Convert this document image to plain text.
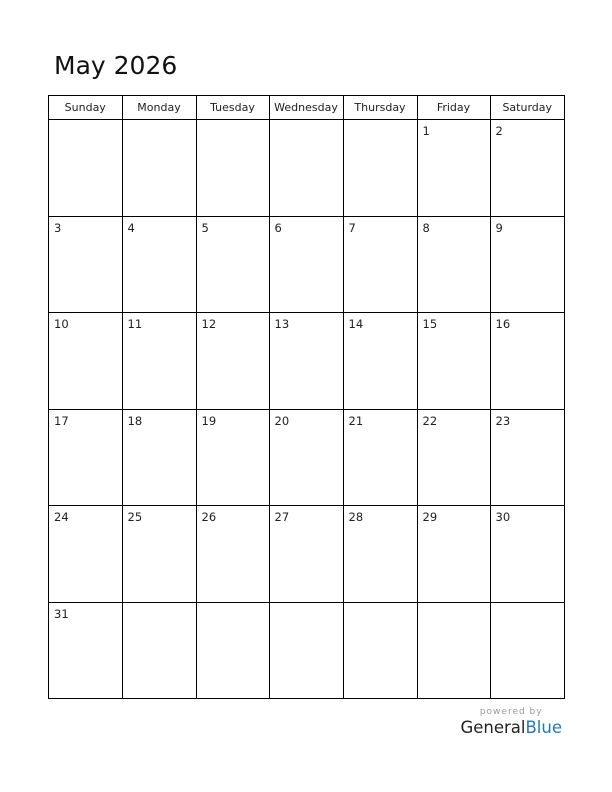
May 2026
Sunday	Monday	Tuesday	Wednesday	Thursday	Friday	Saturday

					1	2

3	4	5	6	7	8	9

10	11	12	13	14	15	16

17	18	19	20	21	22	23

24	25	26	27	28	29	30

31						

powered by
GeneralBlue
